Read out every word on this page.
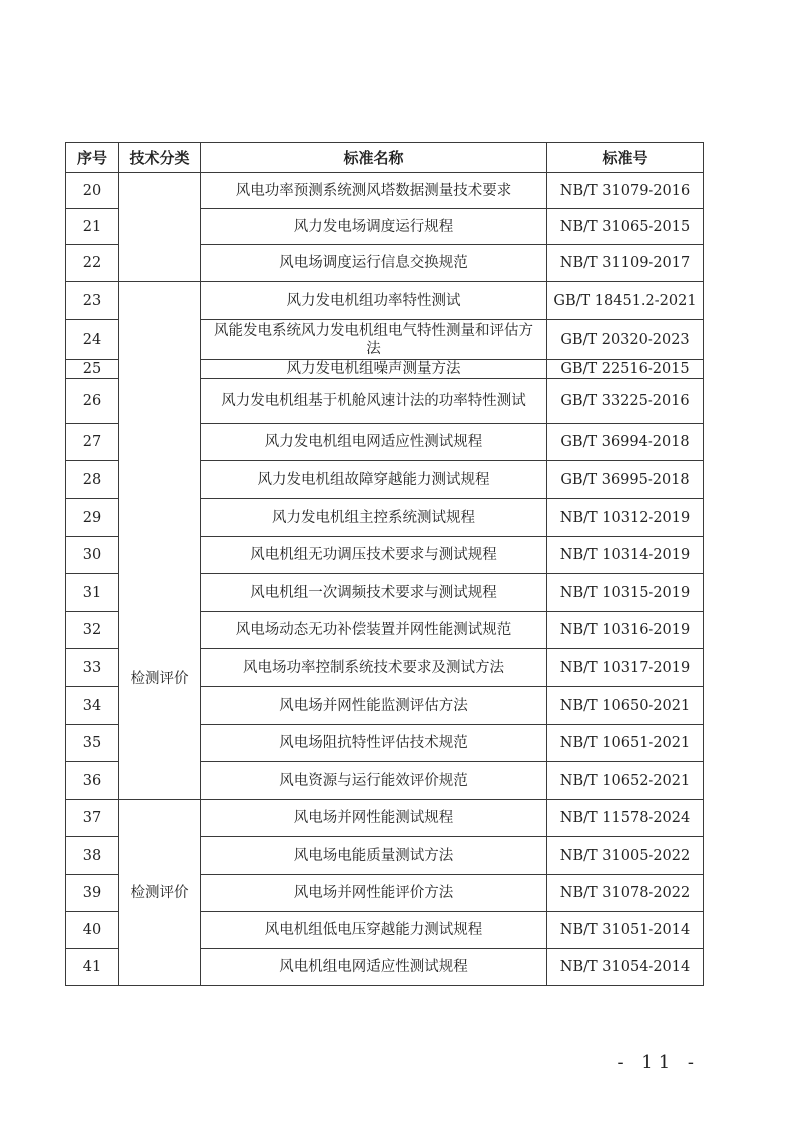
序号	技术分类	标准名称	标准号
20		风电功率预测系统测风塔数据测量技术要求	NB/T 31079-2016
21		风力发电场调度运行规程	NB/T 31065-2015
22		风电场调度运行信息交换规范	NB/T 31109-2017
23	检测评价	风力发电机组功率特性测试	GB/T 18451.2-2021
24		风能发电系统风力发电机组电气特性测量和评估方法	GB/T 20320-2023
25		风力发电机组噪声测量方法	GB/T 22516-2015
26		风力发电机组基于机舱风速计法的功率特性测试	GB/T 33225-2016
27		风力发电机组电网适应性测试规程	GB/T 36994-2018
28		风力发电机组故障穿越能力测试规程	GB/T 36995-2018
29		风力发电机组主控系统测试规程	NB/T 10312-2019
30		风电机组无功调压技术要求与测试规程	NB/T 10314-2019
31		风电机组一次调频技术要求与测试规程	NB/T 10315-2019
32		风电场动态无功补偿装置并网性能测试规范	NB/T 10316-2019
33		风电场功率控制系统技术要求及测试方法	NB/T 10317-2019
34		风电场并网性能监测评估方法	NB/T 10650-2021
35		风电场阻抗特性评估技术规范	NB/T 10651-2021
36		风电资源与运行能效评价规范	NB/T 10652-2021
37	检测评价	风电场并网性能测试规程	NB/T 11578-2024
38		风电场电能质量测试方法	NB/T 31005-2022
39		风电场并网性能评价方法	NB/T 31078-2022
40		风电机组低电压穿越能力测试规程	NB/T 31051-2014
41		风电机组电网适应性测试规程	NB/T 31054-2014
- 11 -
